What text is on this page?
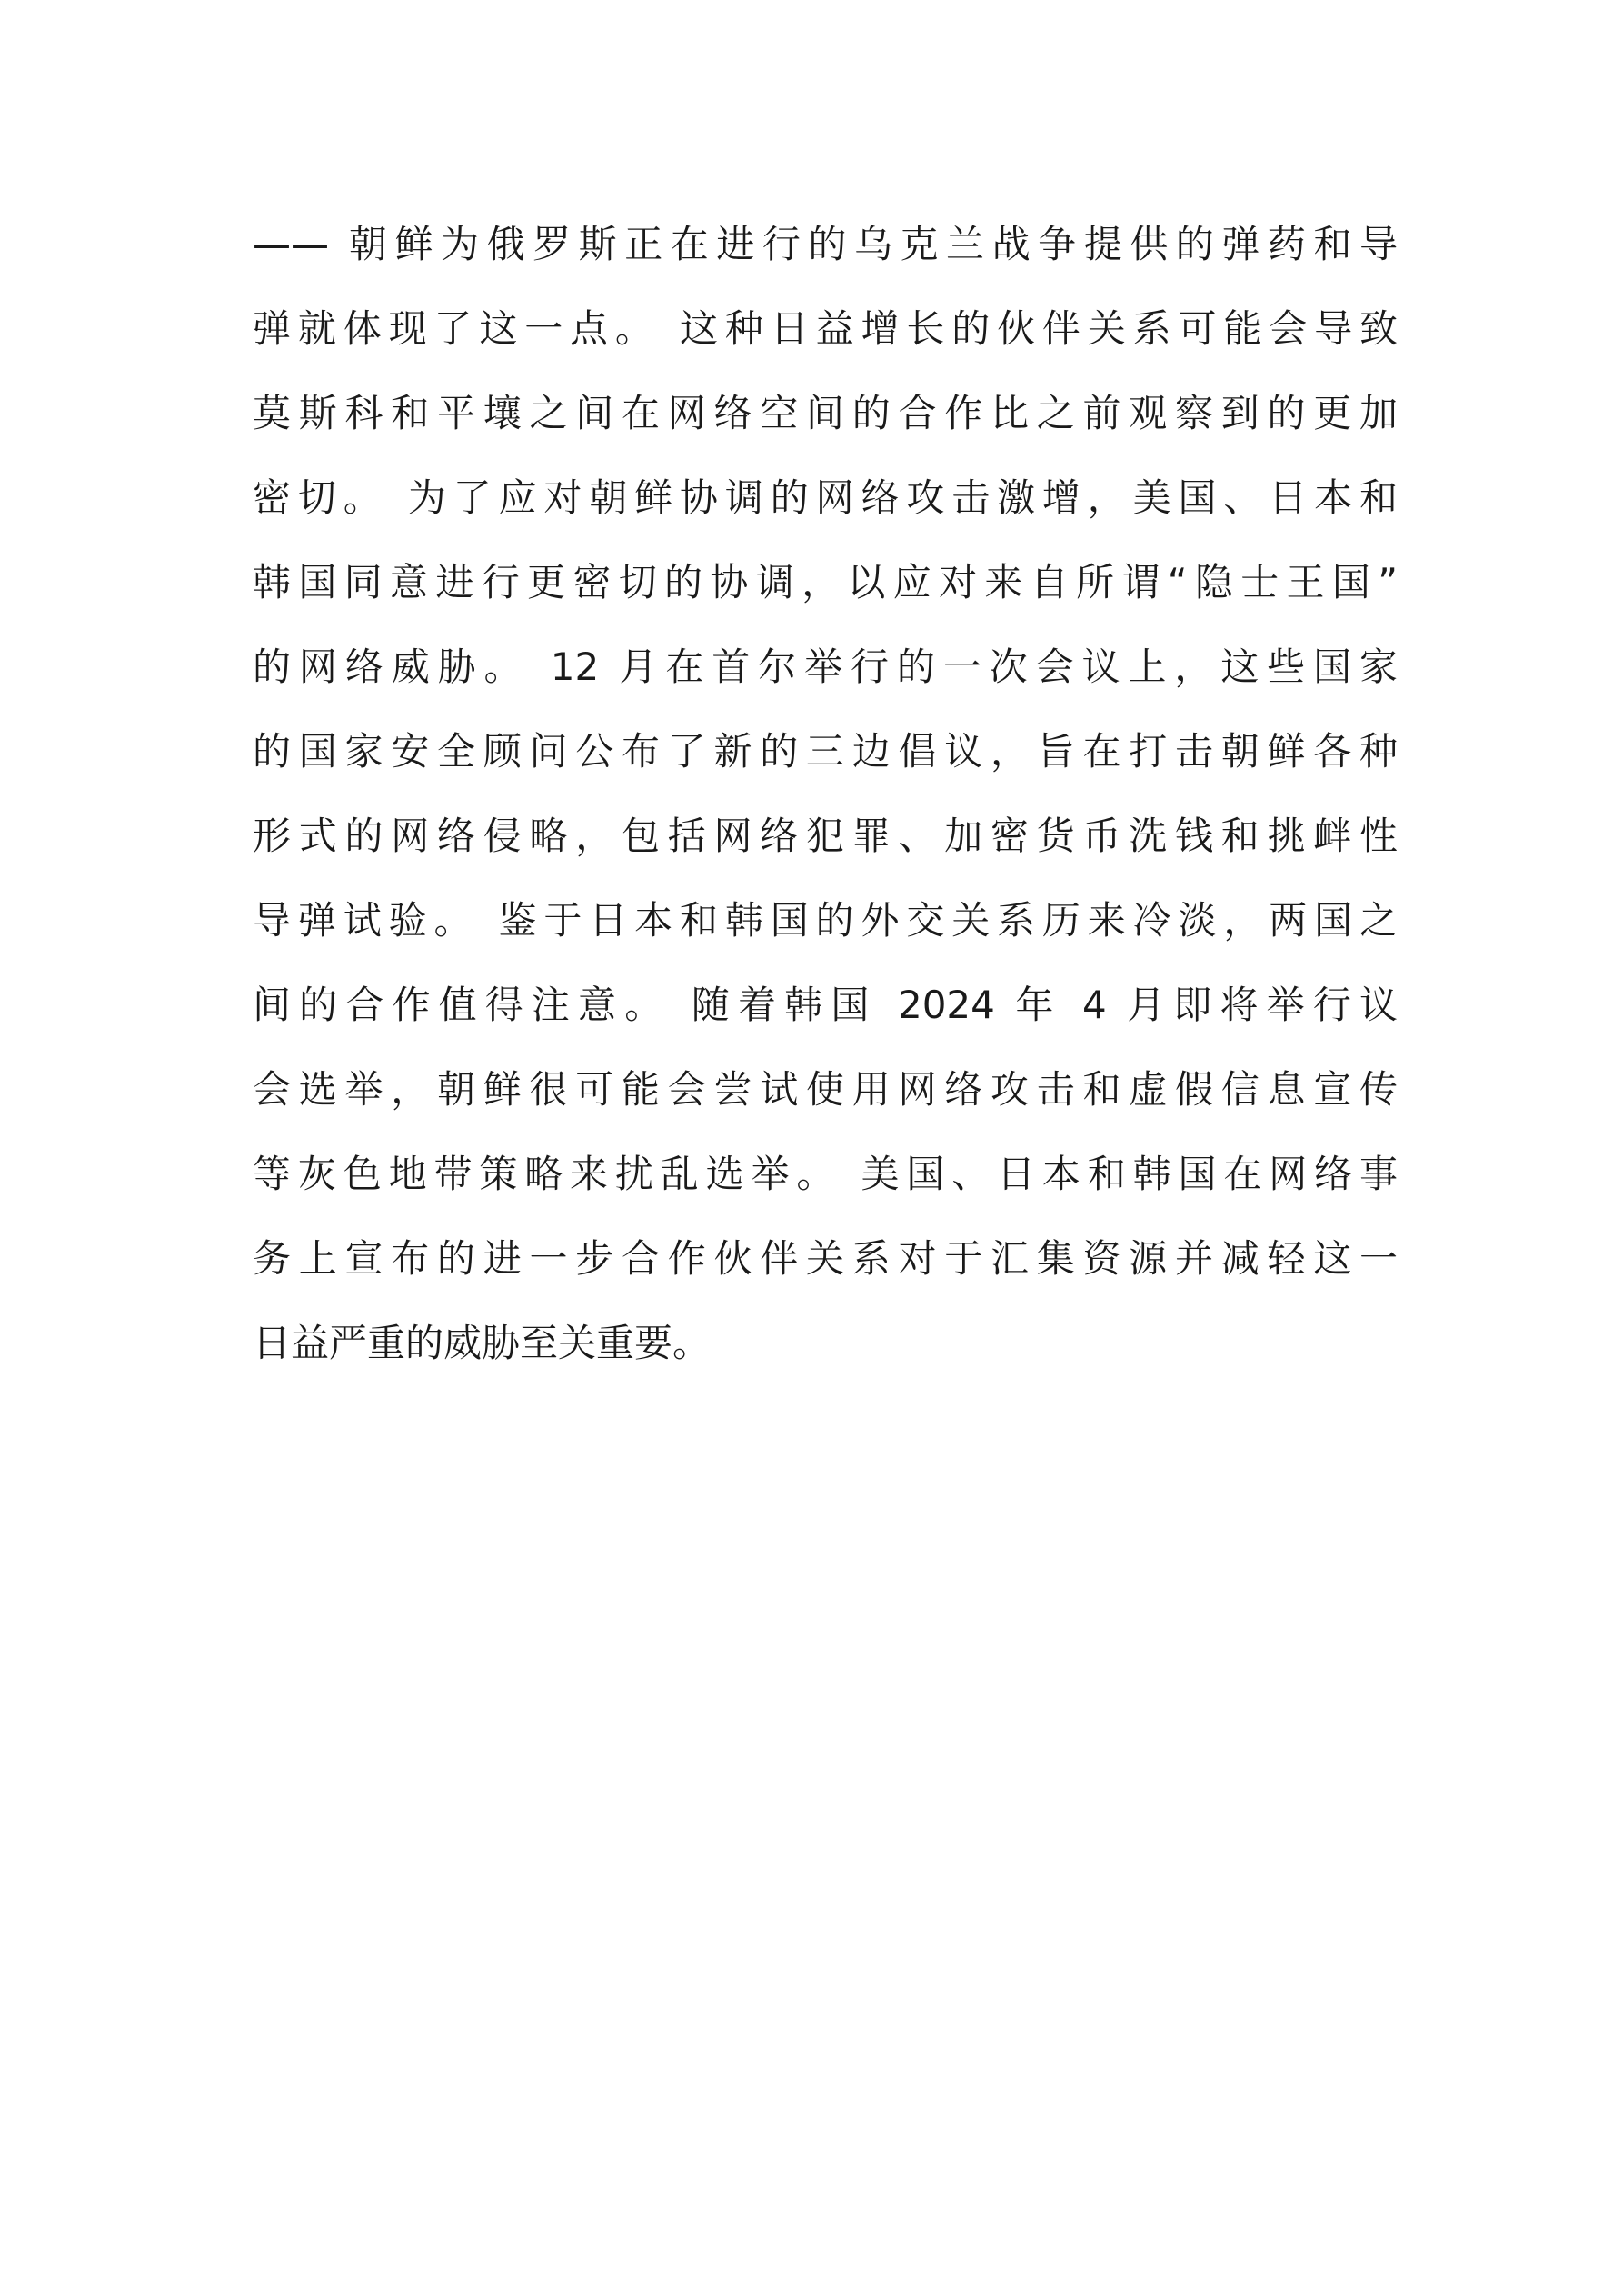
—— 朝鲜为俄罗斯正在进行的乌克兰战争提供的弹药和导
弹就体现了这一点。 这种日益增长的伙伴关系可能会导致
莫斯科和平壤之间在网络空间的合作比之前观察到的更加
密切。 为了应对朝鲜协调的网络攻击激增，美国、日本和
韩国同意进行更密切的协调，以应对来自所谓“隐士王国”
的网络威胁。 12 月在首尔举行的一次会议上，这些国家
的国家安全顾问公布了新的三边倡议，旨在打击朝鲜各种
形式的网络侵略，包括网络犯罪、加密货币洗钱和挑衅性
导弹试验。 鉴于日本和韩国的外交关系历来冷淡，两国之
间的合作值得注意。 随着韩国 2024 年 4 月即将举行议
会选举，朝鲜很可能会尝试使用网络攻击和虚假信息宣传
等灰色地带策略来扰乱选举。 美国、日本和韩国在网络事
务上宣布的进一步合作伙伴关系对于汇集资源并减轻这一
日益严重的威胁至关重要。
